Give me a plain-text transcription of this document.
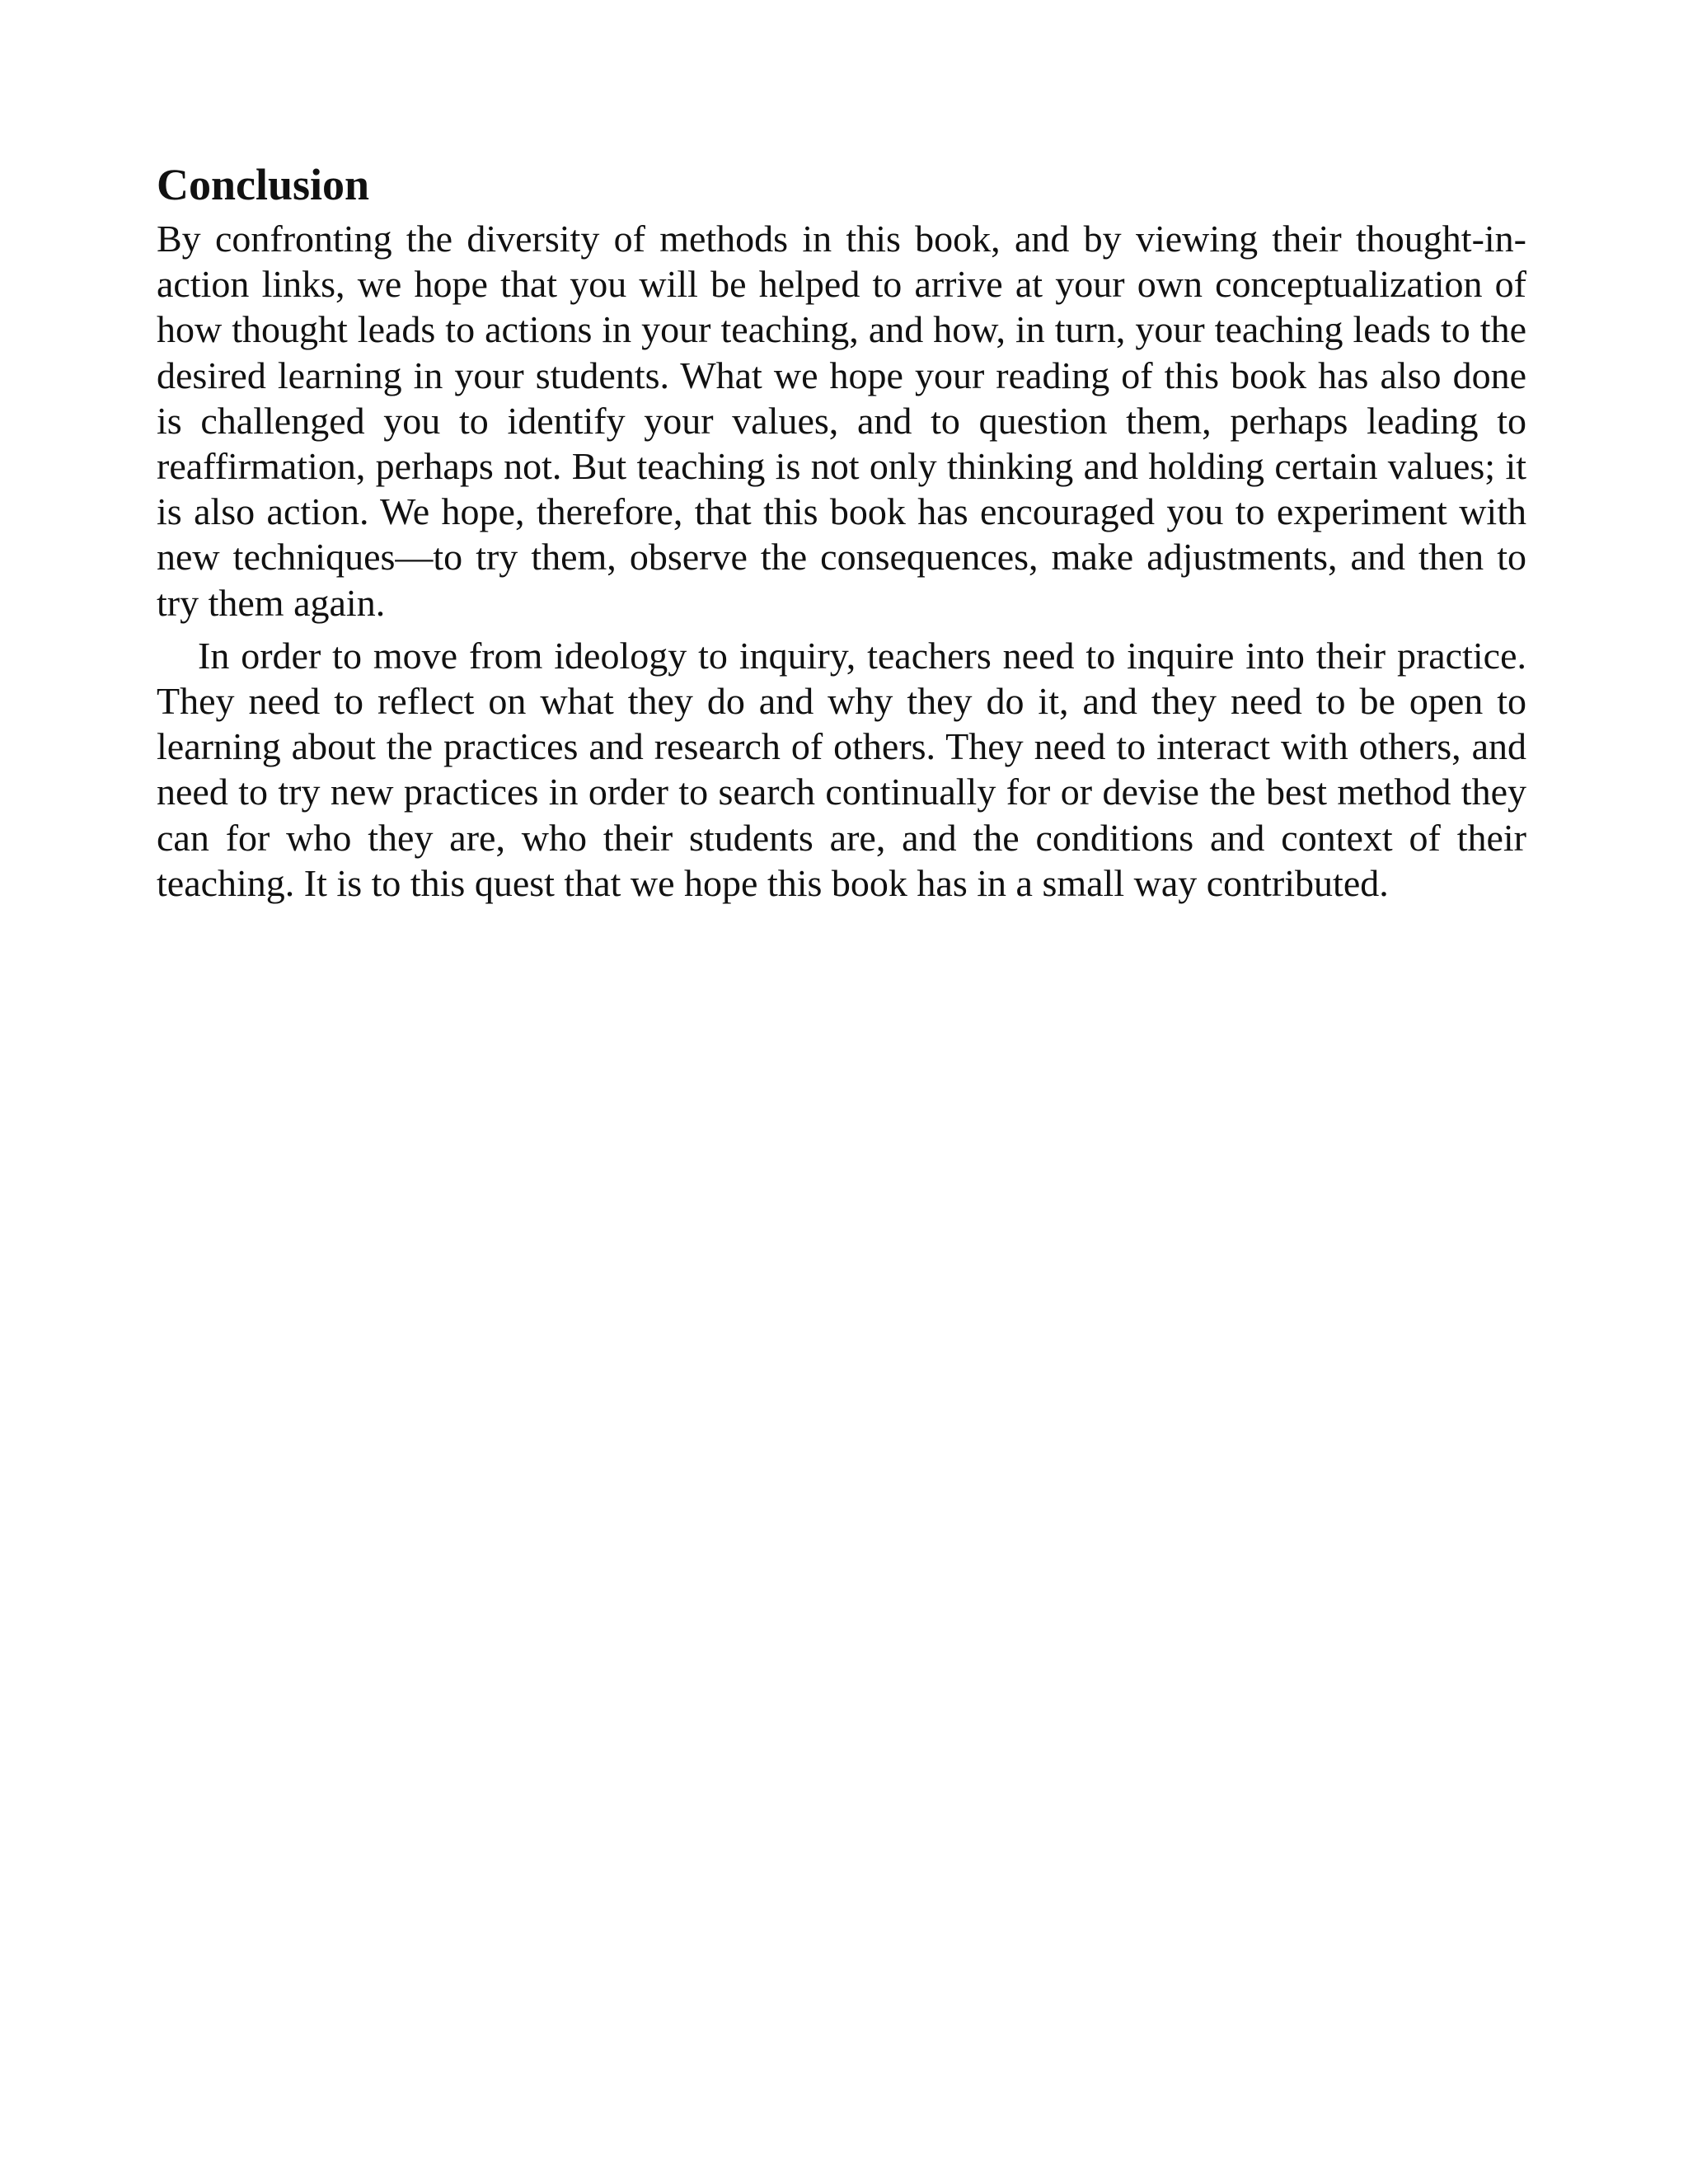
Conclusion

By confronting the diversity of methods in this book, and by viewing their thought-in-action links, we hope that you will be helped to arrive at your own conceptualization of how thought leads to actions in your teaching, and how, in turn, your teaching leads to the desired learning in your students. What we hope your reading of this book has also done is challenged you to identify your values, and to question them, perhaps leading to reaffirmation, perhaps not. But teaching is not only thinking and holding certain values; it is also action. We hope, therefore, that this book has encouraged you to experiment with new techniques—to try them, observe the consequences, make adjustments, and then to try them again.

In order to move from ideology to inquiry, teachers need to inquire into their practice. They need to reflect on what they do and why they do it, and they need to be open to learning about the practices and research of others. They need to interact with others, and need to try new practices in order to search continually for or devise the best method they can for who they are, who their students are, and the conditions and context of their teaching. It is to this quest that we hope this book has in a small way contributed.
